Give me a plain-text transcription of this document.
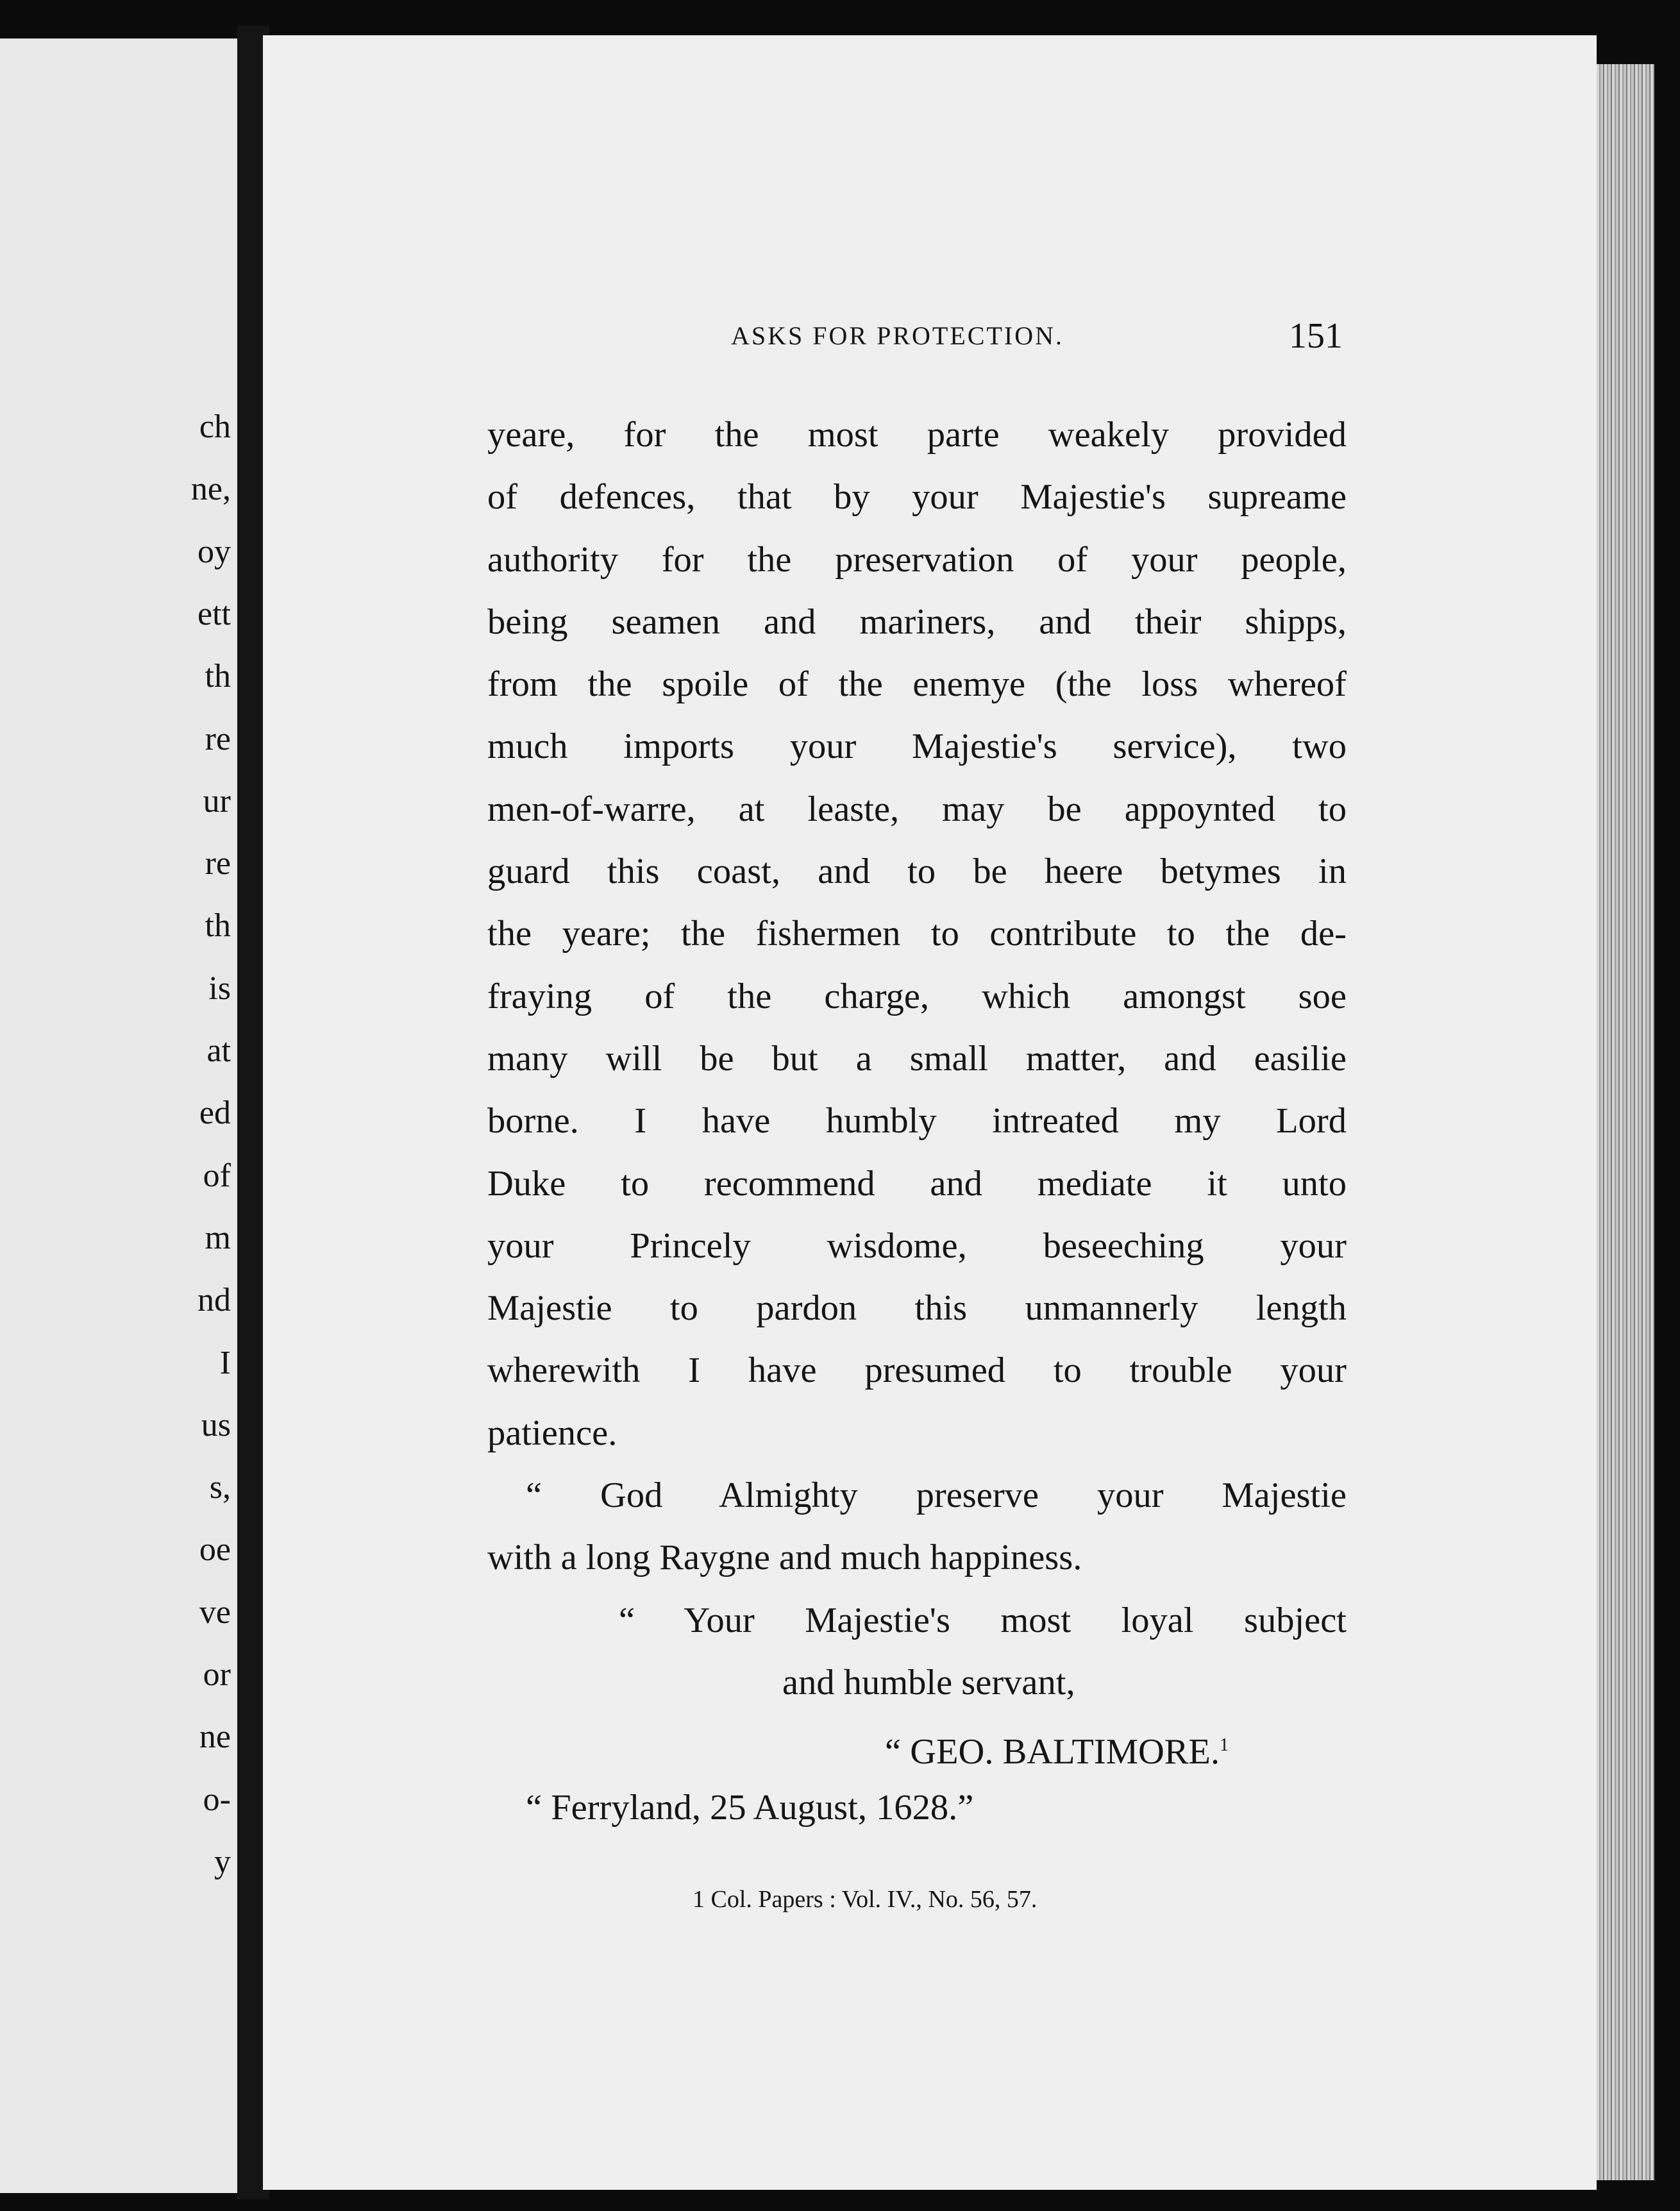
ch
ne,
oy
ett
th
re
ur
re
th
is
at
ed
of
m
nd
I
us
s,
oe
ve
or
ne
o-
y
ASKS FOR PROTECTION.	151
yeare, for the most parte weakely provided
of defences, that by your Majestie's supreame
authority for the preservation of your people,
being seamen and mariners, and their shipps,
from the spoile of the enemye (the loss whereof
much imports your Majestie's service), two
men-of-warre, at leaste, may be appoynted to
guard this coast, and to be heere betymes in
the yeare; the fishermen to contribute to the de-
fraying of the charge, which amongst soe
many will be but a small matter, and easilie
borne. I have humbly intreated my Lord
Duke to recommend and mediate it unto
your Princely wisdome, beseeching your
Majestie to pardon this unmannerly length
wherewith I have presumed to trouble your
patience.
“ God Almighty preserve your Majestie
with a long Raygne and much happiness.
“ Your Majestie's most loyal subject
and humble servant,
“ GEO. BALTIMORE.$^1$
“ Ferryland, 25 August, 1628.”
1 Col. Papers : Vol. IV., No. 56, 57.
